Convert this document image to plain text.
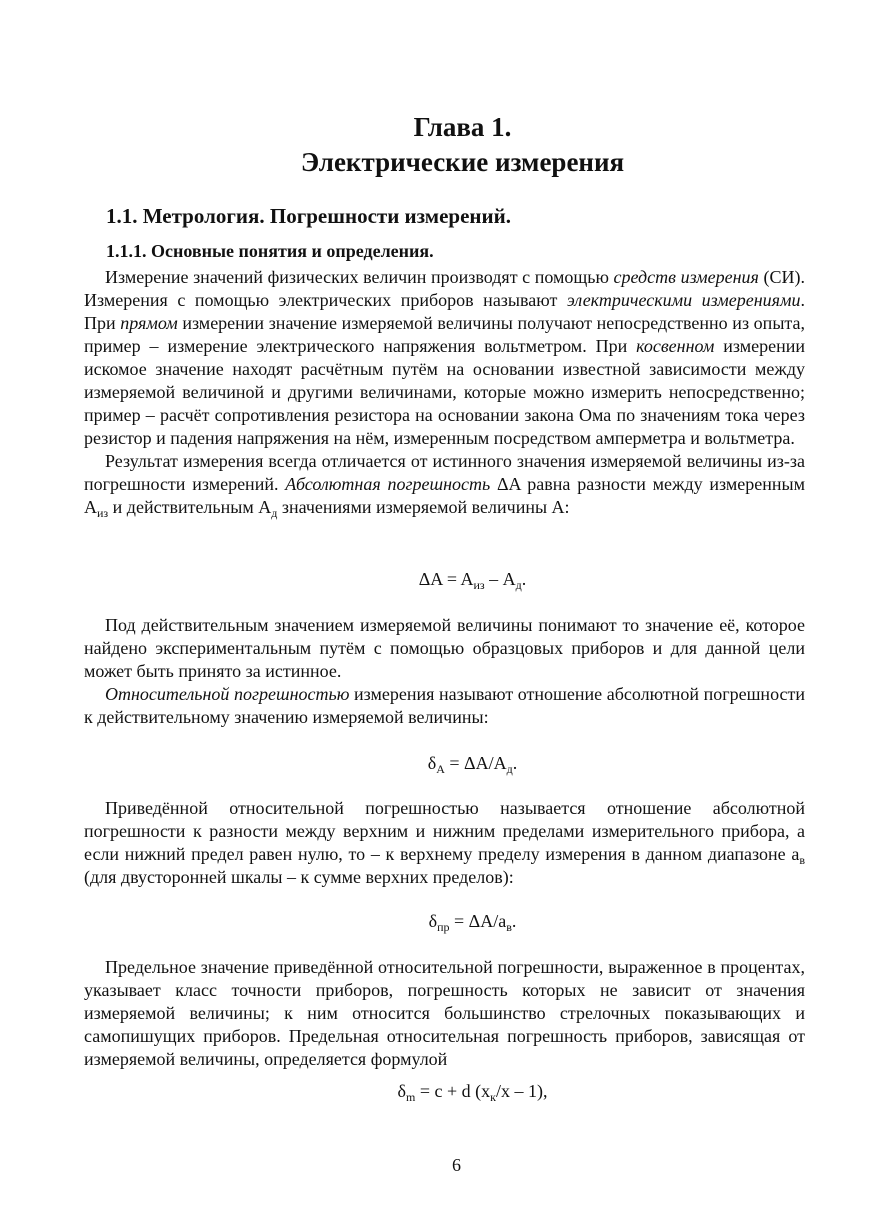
Глава 1.
Электрические измерения
1.1. Метрология. Погрешности измерений.
1.1.1. Основные понятия и определения.

Измерение значений физических величин производят с помощью средств измерения (СИ). Измерения с помощью электрических приборов называют электрическими измерениями. При прямом измерении значение измеряемой величины получают непосредственно из опыта, пример – измерение электрического напряжения вольтметром. При косвенном измерении искомое значение находят расчётным путём на основании известной зависимости между измеряемой величиной и другими величинами, которые можно измерить непосредственно; пример – расчёт сопротивления резистора на основании закона Ома по значениям тока через резистор и падения напряжения на нём, измеренным посредством амперметра и вольтметра.

Результат измерения всегда отличается от истинного значения измеряемой величины из-за погрешности измерений. Абсолютная погрешность ΔA равна разности между измеренным $A_{из}$ и действительным $A_д$ значениями измеряемой величины A:

$\Delta A = A_{из} - A_д$.

Под действительным значением измеряемой величины понимают то значение её, которое найдено экспериментальным путём с помощью образцовых приборов и для данной цели может быть принято за истинное.

Относительной погрешностью измерения называют отношение абсолютной погрешности к действительному значению измеряемой величины:

$\delta_A = \Delta A/A_д$.

Приведённой относительной погрешностью называется отношение абсолютной погрешности к разности между верхним и нижним пределами измерительного прибора, а если нижний предел равен нулю, то – к верхнему пределу измерения в данном диапазоне $a_в$ (для двусторонней шкалы – к сумме верхних пределов):

$\delta_{пр} = \Delta A/a_в$.

Предельное значение приведённой относительной погрешности, выраженное в процентах, указывает класс точности приборов, погрешность которых не зависит от значения измеряемой величины; к ним относится большинство стрелочных показывающих и самопишущих приборов. Предельная относительная погрешность приборов, зависящая от измеряемой величины, определяется формулой

$\delta_m = c + d$ $(x_к/x - 1)$,
6
